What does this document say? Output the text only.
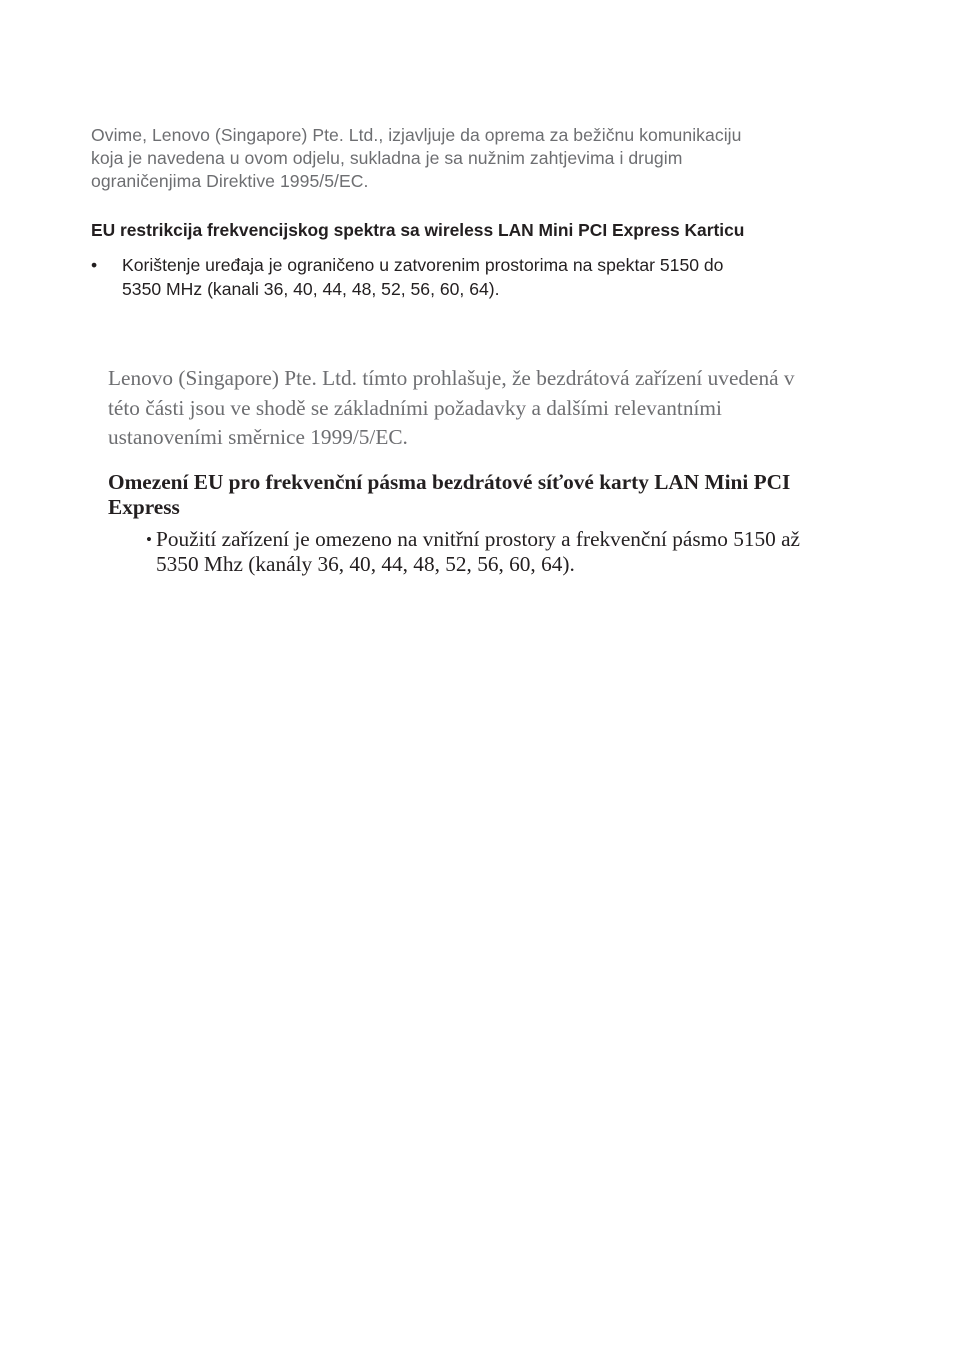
Ovime, Lenovo (Singapore) Pte. Ltd., izjavljuje da oprema za bežičnu komunikaciju
koja je navedena u ovom odjelu, sukladna je sa nužnim zahtjevima i drugim
ograničenjima Direktive 1995/5/EC.

EU restrikcija frekvencijskog spektra sa wireless LAN Mini PCI Express Karticu
• Korištenje uređaja je ograničeno u zatvorenim prostorima na spektar 5150 do
5350 MHz (kanali 36, 40, 44, 48, 52, 56, 60, 64).

Lenovo (Singapore) Pte. Ltd. tímto prohlašuje, že bezdrátová zařízení uvedená v
této části jsou ve shodě se základními požadavky a dalšími relevantními
ustanoveními směrnice 1999/5/EC.

Omezení EU pro frekvenční pásma bezdrátové síťové karty LAN Mini PCI
Express
• Použití zařízení je omezeno na vnitřní prostory a frekvenční pásmo 5150 až
5350 Mhz (kanály 36, 40, 44, 48, 52, 56, 60, 64).
